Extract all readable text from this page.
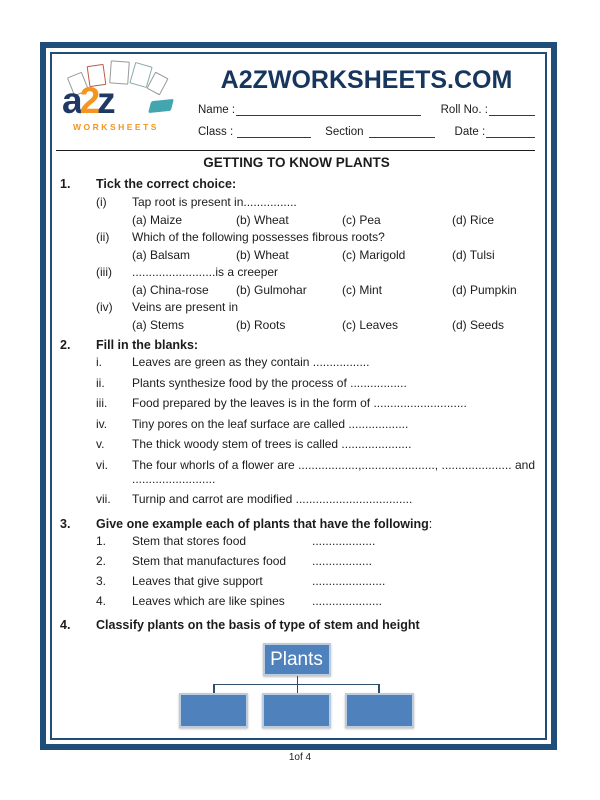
a2z
WORKSHEETS
A2ZWORKSHEETS.COM
Name :	Roll No. :
Class :	Section	Date :
GETTING TO KNOW PLANTS
1.	Tick the correct choice:
(i)	Tap root is present in................
(a) Maize	(b) Wheat	(c) Pea	(d) Rice
(ii)	Which of the following possesses fibrous roots?
(a) Balsam	(b) Wheat	(c) Marigold	(d) Tulsi
(iii)	.........................is a creeper
(a) China-rose	(b) Gulmohar	(c) Mint	(d) Pumpkin
(iv)	Veins are present in
(a) Stems	(b) Roots	(c) Leaves	(d) Seeds
2.	Fill in the blanks:
i.	Leaves are green as they contain .................
ii.	Plants synthesize food by the process of .................
iii.	Food prepared by the leaves is in the form of ............................
iv.	Tiny pores on the leaf surface are called ..................
v.	The thick woody stem of trees is called .....................
vi.	The four whorls of a flower are ..................,......................, ..................... and
.........................
vii.	Turnip and carrot are modified ...................................
3.	Give one example each of plants that have the following:
1.	Stem that stores food	...................
2.	Stem that manufactures food	..................
3.	Leaves that give support	......................
4.	Leaves which are like spines	.....................
4.	Classify plants on the basis of type of stem and height
Plants
1of 4
